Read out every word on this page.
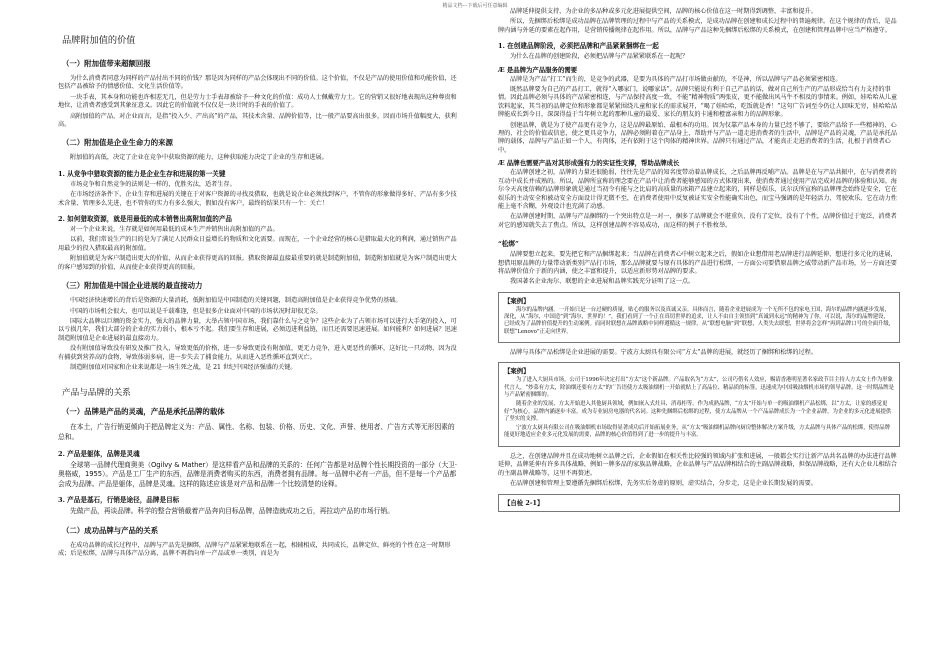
精品文档---下载后可任意编辑
品牌附加值的价值
（一）附加值带来超额回报

为什么消费者同意为同样的产品付出不同的价钱？那是因为同样的产品会体现出不同的价值。这个价值，不仅是产品的使用价值和功能价值，还包括产品被给予的情感价值、文化生活价值等。

一块手表，其本身和功能也许相差无几，但是劳力士手表却被给予一种文化的价值：成功人士佩戴劳力士。它的营销又很好地表现出这种尊贵和地位，让消费者感受到其象征意义。因此它的价值就不仅仅是一块计时的手表的价值了。

高附加值的产品，对企业而言，是指“投入少、产出高”的产品，其技术含量、品牌价值等，比一般产品要高出很多，因而市场升值幅度大，获利高。

（二）附加值是企业生命力的来源

附加值的高低，决定了企业在竞争中获取资源的能力，这种获取能力决定了企业的生存和进展。

1. 从竞争中猎取资源的能力是企业生存和进展的第一关键

市场竞争和自然竞争的法则是一样的，优胜劣汰，适者生存。

在市场经济条件下，企业生存和进展的关键在于对客户资源的寻找及猎取，也就是说企业必须找到客户，不管你的形象做得多好、产品有多少技术含量、管理多么先进，也不管你的实力有多么强大，假如没有客户，最终的结果只有一个：关亡！

2. 如何猎取资源，就是用最低的成本销售出高附加值的产品

对一个企业来说，生存就是如何用最低的成本生产并销售出高附加值的产品。

以前，我们常说生产的目的是为了满足人民群众日益增长的物质和文化需要。而现在，一个企业经营的核心是猎取最大化的利润，通过销售产品用最少的投入猎取最高的附加值。

附加值就是为客户制造出更大的价值，从而企业获得更高的回报。猎取资源最直接最重要的就是制造附加值，制造附加值就是为客户制造出更大的客户感知到的价值，从而使企业获得更高的回报。

（三）附加值是中国企业进展的最直接动力

中国经济快速增长的背后是资源的大量消耗，低附加值是中国制造的关键问题，制造高附加值是企业获得竞争优势的基础。

中国的市场机会很大，也可以说是千载难逢，但是很多企业面对中国的市场状况时却很无奈。

国际大品牌以巨额的资金实力，强大的品牌力量，大举占领中国市场，我们靠什么与之竞争？这些企业为了占领市场可以进行大手笔的投入，可以亏损几年，我们大部分的企业的实力弱小，根本亏不起。我们要生存和进展，必须迈进利益链，而且还需要迅速进展。如何能利？如何进展？迅速制造附加值是企业进展的最直接动力。

没有附加值导致没有研发及推广投入，导致更低的价格，进一步导致更没有附加值，更无力竞争，进入更恶性的循环，这好比一只动物，因为没有捕获到营养高的食物，导致体弱多病，进一步失去了捕食能力，从而进入恶性循环直到灭亡。

制造附加值对国家和企业来说都是一场生死之战，是 21 世纪中国经济强盛的关键。

产品与品牌的关系
（一）品牌是产品的灵魂，产品是承托品牌的载体

在本土，广告行销更倾向于把品牌定义为：产品、属性、名称、包装、价格、历史、文化、声誉、使用者、广告方式等无形因素的总和。

2. 产品是躯体，品牌是灵魂

全球第一品牌代理商奥美（Ogilvy & Mather）是这样看产品和品牌的关系的：任何广告都是对品牌个性长期投资的一部分（大卫·奥格威，1955）。产品是工厂生产的东西，品牌是消费者购买的东西，消费者拥有品牌。每一品牌中必有一产品，但不是每一个产品都会成为品牌。产品是躯体，品牌是灵魂。这样的陈述应该是对产品和品牌一个比较清楚的诠释。

3. 产品是基石，行销是途径，品牌是目标

先做产品，再谈品牌。科学的整合营销截着产品奔向目标品牌，品牌造就成功之后，再拉动产品的市场行销。

（二）成功品牌与产品的关系

在成功品牌的成长过程中，品牌与产品先是捆绑，品牌与产品紧紧地联系在一起，相辅相成，共同成长，品牌定位、鲜亮的个性在这一时期形成；后是松绑，品牌与具体产品分离，品牌不再指向单一产品或单一类别，而是为

品牌延伸提供支持，为企业的多品种或多元化进展提供空间，品牌的核心价值在这一时期得到调整、丰富和提升。

所以，先捆绑后松绑是成功品牌在品牌管理的过程中与产品的关系模式，是成功品牌在创建和成长过程中的普遍规律。在这个规律的背后，是品牌内涵与外延的要素在起作用，是营销传播规律在起作用。所以，品牌与产品这种先捆绑后松绑的关系模式，在创建和管理品牌中应当严格遵守。

1. 在创建品牌阶段，必须把品牌和产品紧紧捆绑在一起

为什么在品牌的创建阶段，必须把品牌与产品紧紧联系在一起呢？

Æ 是品牌为产品服务的需要

品牌是为产品“打工”而生的，是竞争的武器，是要为具体的产品打市场做贡献的，不是神，所以品牌与产品必须紧密相连。

既然品牌要为自己的产品打工，就得“入哪家门，说哪家话”。品牌只能说有利于自己产品的话，做对自己所生产的产品形成恰当有力支持的事情。因此品牌必须与具体的产品紧密相连，与产品保持高度一致，不能“精神物质”两张皮，更不能做出风马牛不相及的事情来。例如，娃哈哈从儿童饮料起家，其当初的品牌定位和形象都是紧紧围绕儿童和家长的需求展开，“喝了娃哈哈，吃饭就是香！”这句广告词至今仍让人回味无穷，娃哈哈品牌能成长到今日，深深得益于当年树立起的那种儿童的最爱、家长的朋友的卡通和橙富亲和力的品牌形象。

创建品牌，就是为了使产品更有竞争力，这是品牌最原始、最根本的功用。因为仅靠产品本身的力量已经不够了，要给产品给予一些精神的、心理的、社会的价值或信息，使之更具竞争力，品牌必须附着在产品身上，帮助并与产品一道走进消费者的生活中，品牌是产品的灵魂，产品是承托品牌的载体，品牌与产品正如一个人，有肉体，还有依附于这个肉体的精神世界。品牌只有通过产品，才能真正走进消费者的生活，扎根于消费者心中。

Æ 品牌也需要产品对其形成强有力的实证性支撑，帮助品牌成长

在品牌创建之初，品牌的力量还很脆弱，往往先是产品的知名度带动着品牌成长，之后品牌再反哺产品。品牌是在与产品共振中，在与消费者的互动中成长并成熟的。所以，品牌所宣称的理念要在产品中让消费者能够感知的方式体现出来，使消费者通过使用产品完成对品牌的体验和认知。海尔今天高度信赖的品牌形象就是通过当初令有能与之比肩的高质量的冰箱产品建立起来的，同样是娱乐，沃尔沃所宣称的品牌理念始终是安全，它在娱乐的主动安全和被动安全方面设计得无微不至，在消费者使用中反复被证实安全性能确实出色，而宝马强调的是年轻活力、驾驶欢乐，它在动力性能上毫不含糊，外观设计也充满了动感。

在品牌创建时期，品牌与产品捆绑的一个突出特点是一对一，捆多了品牌就会不堪重负，没有了定位，没有了个性，品牌价值过于宽泛，消费者对它的感知就失去了焦点。所以，这样创建品牌不容易成功，而这样的例子不胜枚举。

“松绑”

品牌要想立起来，要先把它和产品捆绑起来；当品牌在消费者心中树立起来之后，假如企业想借用老品牌进行品牌延伸，想进行多元化的进展，想借用原品牌的力量带动新类别产品打市场，那么品牌就要与原有具体的产品进行松绑，一方面公司要借原品牌之威带动新产品市场，另一方面还要将品牌价值介于新的内涵，使之丰富和提升，以适应新形势对品牌的要求。

我国著名企业海尔、联想的企业进展和品牌实践充分证明了这一点。

【案例】

海尔的品牌内涵。一开始只是一台过硬的质量，贴心的服务以及真诚又亲。具体而言，随着企业进展成为一个无所不包的家电王国，海尔的品牌内涵逐步发展，深化，从“海尔，中国造”到“海尔，世界的！”，我们看到了一个正在真切世界的追求，让人不由自主领悟到“真诚到永远”的精神为了你。可以说，海尔的品牌建设，已经成为了品牌价值提升的生动案例。而同时联想在品牌战略中同样遵循这一规律，从“联想电脑”到“联想，人类失去联想，世界将会怎样”再到品牌口号的全面升级，联想“Lenovo”正走向世界。

品牌与具体产品松绑是企业进展的需要。宁波方太厨具有限公司“方太”品牌的进展，就经历了捆绑和松绑的过程。

【案例】

为了进入大厨具市场，公司于1996年决定打出“方太”这个新品牌。产品取名为“方太”，公司巧借名人效应，赐请香港明星著名家政节目主持人方太女士作为形象代言人，“炒菜有方太，除油烟还要有方太”的广告语使方太吸油烟机一开始就贴上了高品位、精品质的标签，迅速成为中国吸油烟机市场的领导品牌。这一时期品牌是与产品紧密捆绑的。

随着企业的发展，方太开始进入其他厨具领域，例如嵌入式灶具、消毒柜等。作为成熟品牌，“方太”开始与单一的吸油烟机产品松绑，以“方太，让家的感觉更好”为核心，品牌内涵逐步丰富，成为专业厨房电器的代名词。这种先捆绑后松绑的过程，使方太品牌从一个产品品牌成长为一个企业品牌，为企业的多元化进展提供了坚实的支撑。

宁波方太厨具有限公司在吸油烟机市场取得显著成功后开始拓展业务，从“方太”吸油烟机品牌向厨房整体解决方案升级，方太品牌与具体产品的松绑，使得品牌能更好地适应企业多元化发展的需要，品牌的核心价值得到了进一步的提升与丰富。

总之，在创建品牌并且在成功地树立品牌之后，企业假如在相关性比较强的领域内扩张和进展，一般都会实行让新产品共名品牌的办法进行品牌延伸，品牌延伸有许多具体战略，例如一牌多品的家族品牌战略，企业品牌与产品品牌相结合的主副品牌战略，担保品牌战略，还有大企业儿相结合的主副品牌战略等，这里不再赘述。

在品牌创建和管理上要遵循先捆绑后松绑，先务实后务虚的原则，虚实结合，分步走，这是企业长期发展的需要。

【自检 2-1】
